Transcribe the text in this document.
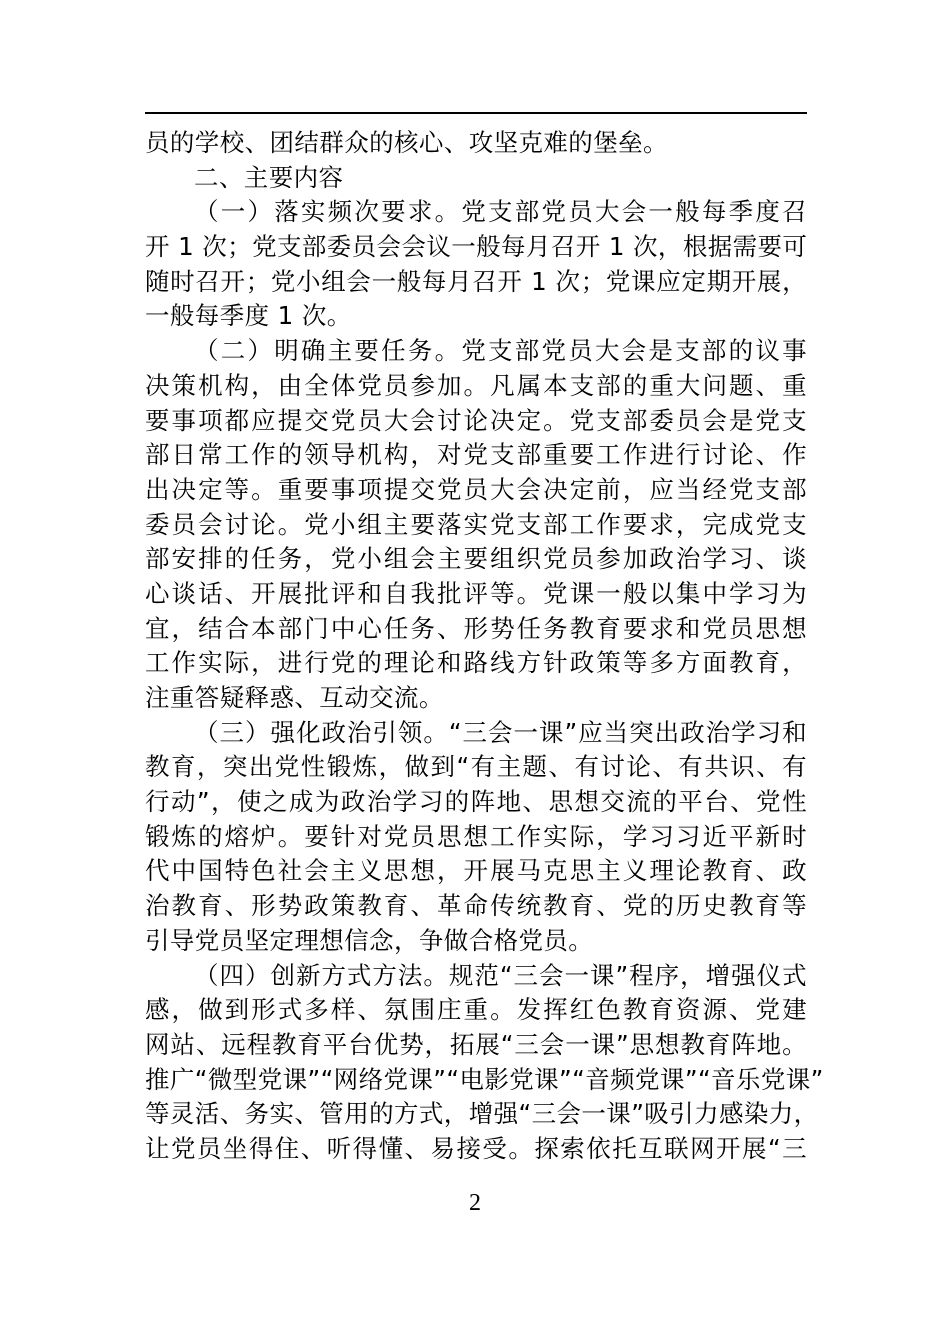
员的学校、团结群众的核心、攻坚克难的堡垒。
二、主要内容
（一）落实频次要求。党支部党员大会一般每季度召
开 1 次；党支部委员会会议一般每月召开 1 次，根据需要可
随时召开；党小组会一般每月召开 1 次；党课应定期开展，
一般每季度 1 次。
（二）明确主要任务。党支部党员大会是支部的议事
决策机构，由全体党员参加。凡属本支部的重大问题、重
要事项都应提交党员大会讨论决定。党支部委员会是党支
部日常工作的领导机构，对党支部重要工作进行讨论、作
出决定等。重要事项提交党员大会决定前，应当经党支部
委员会讨论。党小组主要落实党支部工作要求，完成党支
部安排的任务，党小组会主要组织党员参加政治学习、谈
心谈话、开展批评和自我批评等。党课一般以集中学习为
宜，结合本部门中心任务、形势任务教育要求和党员思想
工作实际，进行党的理论和路线方针政策等多方面教育，
注重答疑释惑、互动交流。
（三）强化政治引领。“三会一课”应当突出政治学习和
教育，突出党性锻炼，做到“有主题、有讨论、有共识、有
行动”，使之成为政治学习的阵地、思想交流的平台、党性
锻炼的熔炉。要针对党员思想工作实际，学习习近平新时
代中国特色社会主义思想，开展马克思主义理论教育、政
治教育、形势政策教育、革命传统教育、党的历史教育等
引导党员坚定理想信念，争做合格党员。
（四）创新方式方法。规范“三会一课”程序，增强仪式
感，做到形式多样、氛围庄重。发挥红色教育资源、党建
网站、远程教育平台优势，拓展“三会一课”思想教育阵地。
推广“微型党课”“网络党课”“电影党课”“音频党课”“音乐党课”
等灵活、务实、管用的方式，增强“三会一课”吸引力感染力，
让党员坐得住、听得懂、易接受。探索依托互联网开展“三
2
